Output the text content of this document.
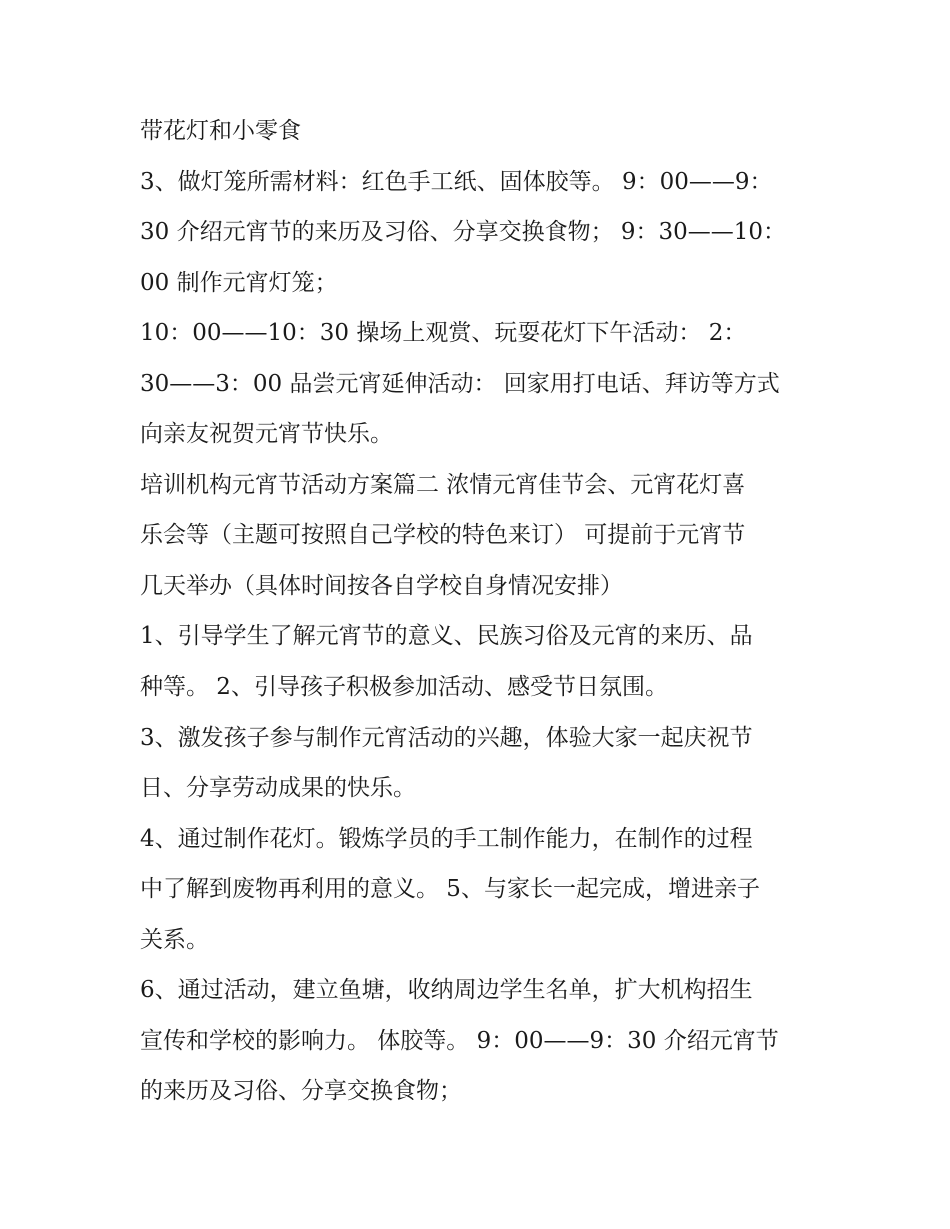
带花灯和小零食
3、做灯笼所需材料：红色手工纸、固体胶等。 9：00——9：
30 介绍元宵节的来历及习俗、分享交换食物； 9：30——10：
00 制作元宵灯笼；
10：00——10：30 操场上观赏、玩耍花灯下午活动： 2：
30——3：00 品尝元宵延伸活动： 回家用打电话、拜访等方式
向亲友祝贺元宵节快乐。
培训机构元宵节活动方案篇二 浓情元宵佳节会、元宵花灯喜
乐会等（主题可按照自己学校的特色来订） 可提前于元宵节
几天举办（具体时间按各自学校自身情况安排）
1、引导学生了解元宵节的意义、民族习俗及元宵的来历、品
种等。 2、引导孩子积极参加活动、感受节日氛围。
3、激发孩子参与制作元宵活动的兴趣，体验大家一起庆祝节
日、分享劳动成果的快乐。
4、通过制作花灯。锻炼学员的手工制作能力，在制作的过程
中了解到废物再利用的意义。 5、与家长一起完成，增进亲子
关系。
6、通过活动，建立鱼塘，收纳周边学生名单，扩大机构招生
宣传和学校的影响力。 体胶等。 9：00——9：30 介绍元宵节
的来历及习俗、分享交换食物；
